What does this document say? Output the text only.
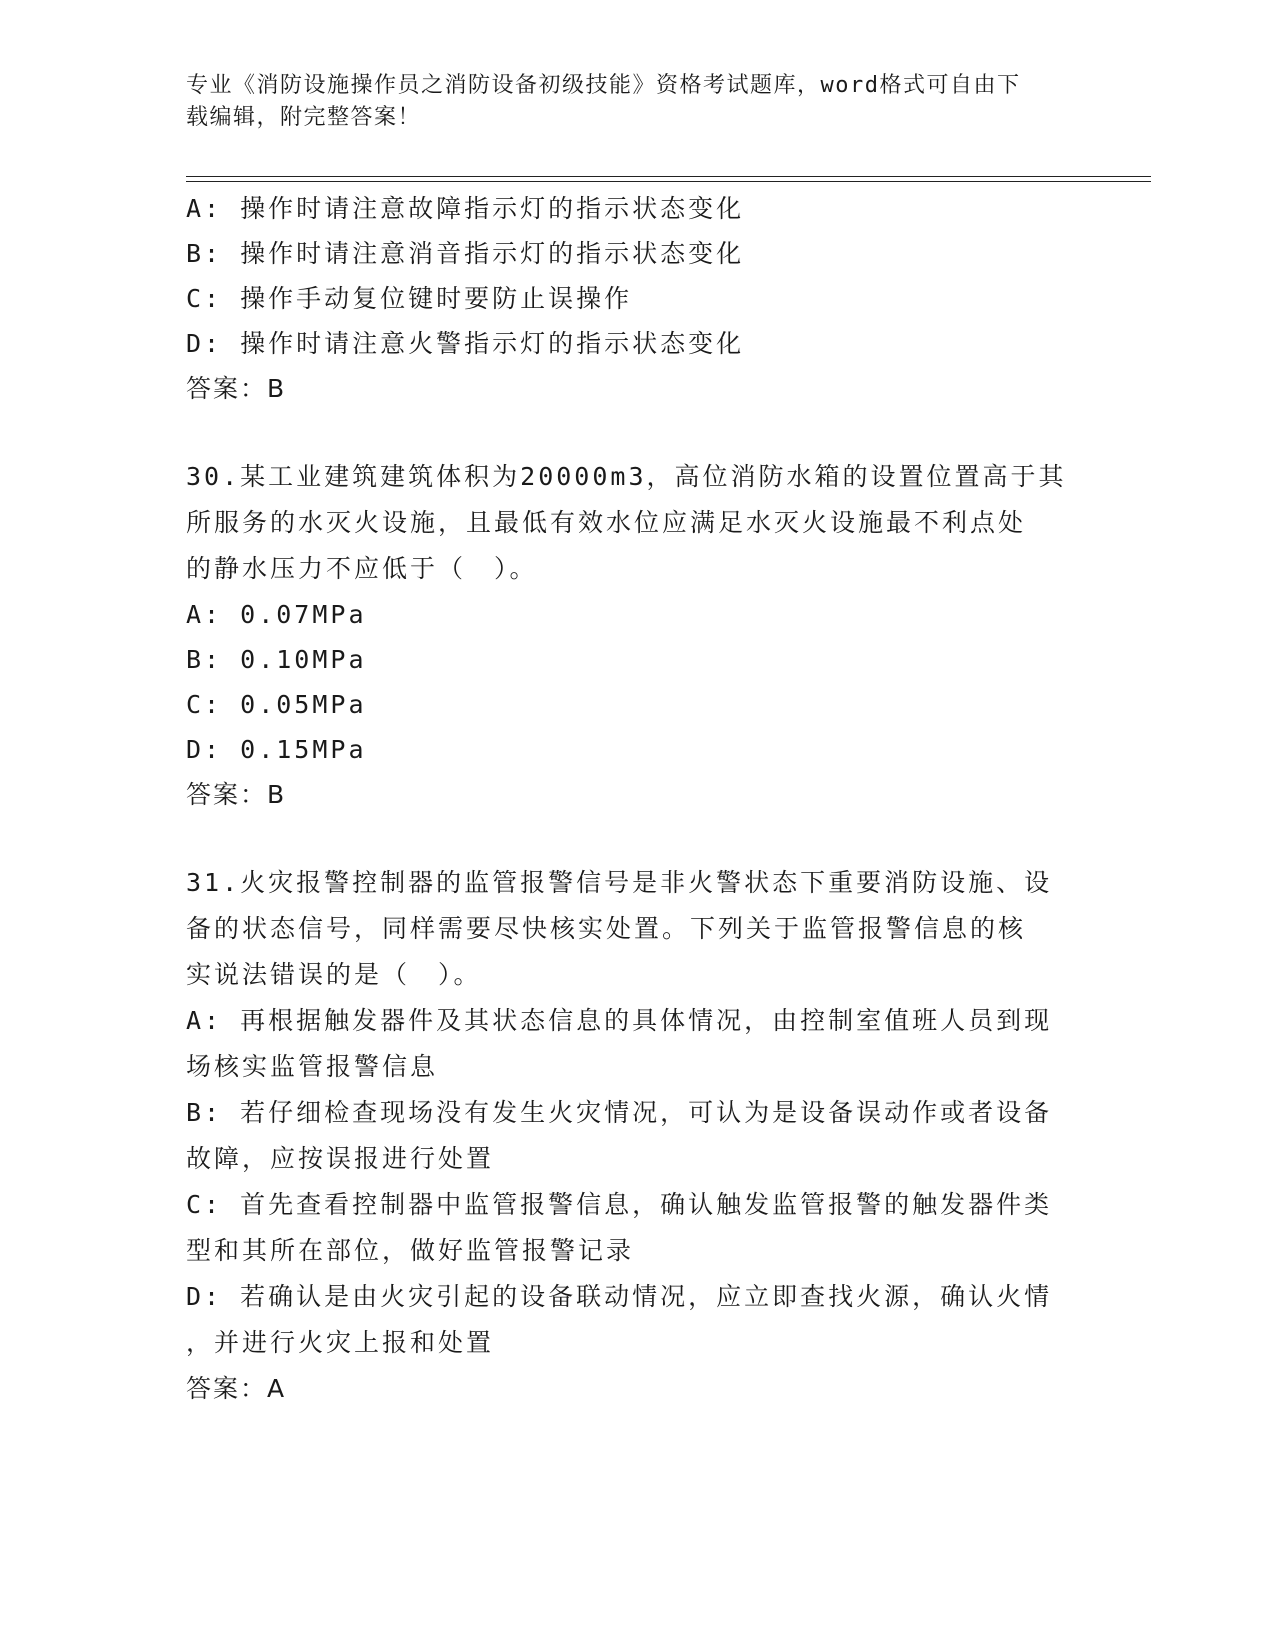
专业《消防设施操作员之消防设备初级技能》资格考试题库，word格式可自由下
载编辑，附完整答案！
A: 操作时请注意故障指示灯的指示状态变化
B: 操作时请注意消音指示灯的指示状态变化
C: 操作手动复位键时要防止误操作
D: 操作时请注意火警指示灯的指示状态变化
答案：B
30.某工业建筑建筑体积为20000m3，高位消防水箱的设置位置高于其
所服务的水灭火设施，且最低有效水位应满足水灭火设施最不利点处
的静水压力不应低于（　）。
A: 0.07MPa
B: 0.10MPa
C: 0.05MPa
D: 0.15MPa
答案：B
31.火灾报警控制器的监管报警信号是非火警状态下重要消防设施、设
备的状态信号，同样需要尽快核实处置。下列关于监管报警信息的核
实说法错误的是（　）。
A: 再根据触发器件及其状态信息的具体情况，由控制室值班人员到现
场核实监管报警信息
B: 若仔细检查现场没有发生火灾情况，可认为是设备误动作或者设备
故障，应按误报进行处置
C: 首先查看控制器中监管报警信息，确认触发监管报警的触发器件类
型和其所在部位，做好监管报警记录
D: 若确认是由火灾引起的设备联动情况，应立即查找火源，确认火情
，并进行火灾上报和处置
答案：A
